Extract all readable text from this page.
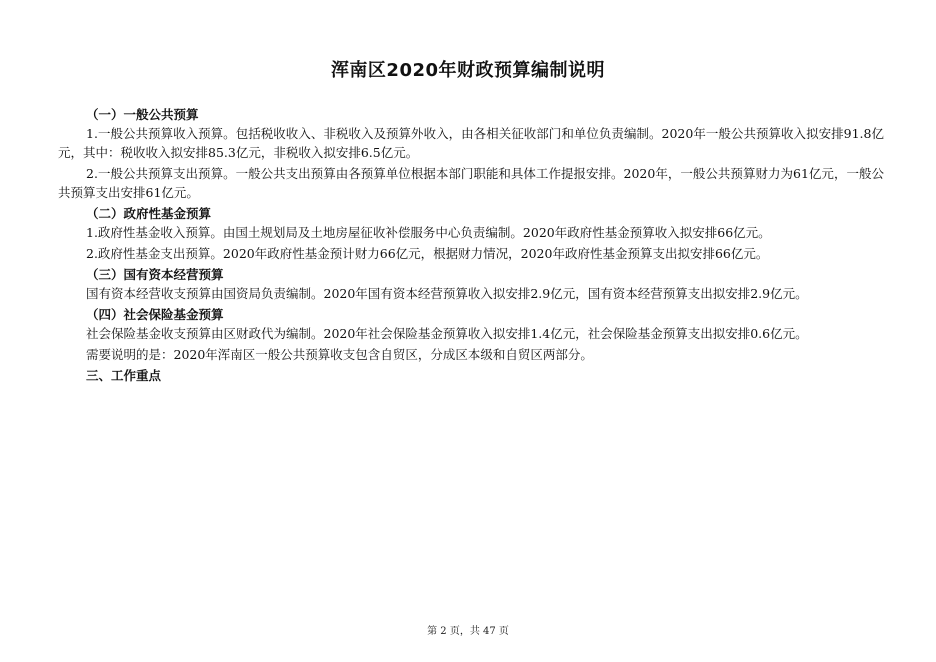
浑南区2020年财政预算编制说明

（一）一般公共预算

1.一般公共预算收入预算。包括税收收入、非税收入及预算外收入，由各相关征收部门和单位负责编制。2020年一般公共预算收入拟安排91.8亿元，其中：税收收入拟安排85.3亿元，非税收入拟安排6.5亿元。

2.一般公共预算支出预算。一般公共支出预算由各预算单位根据本部门职能和具体工作提报安排。2020年，一般公共预算财力为61亿元，一般公共预算支出安排61亿元。

（二）政府性基金预算

1.政府性基金收入预算。由国土规划局及土地房屋征收补偿服务中心负责编制。2020年政府性基金预算收入拟安排66亿元。

2.政府性基金支出预算。2020年政府性基金预计财力66亿元，根据财力情况，2020年政府性基金预算支出拟安排66亿元。

（三）国有资本经营预算

国有资本经营收支预算由国资局负责编制。2020年国有资本经营预算收入拟安排2.9亿元，国有资本经营预算支出拟安排2.9亿元。

（四）社会保险基金预算

社会保险基金收支预算由区财政代为编制。2020年社会保险基金预算收入拟安排1.4亿元，社会保险基金预算支出拟安排0.6亿元。

需要说明的是：2020年浑南区一般公共预算收支包含自贸区，分成区本级和自贸区两部分。

三、工作重点

第 2 页，共 47 页
